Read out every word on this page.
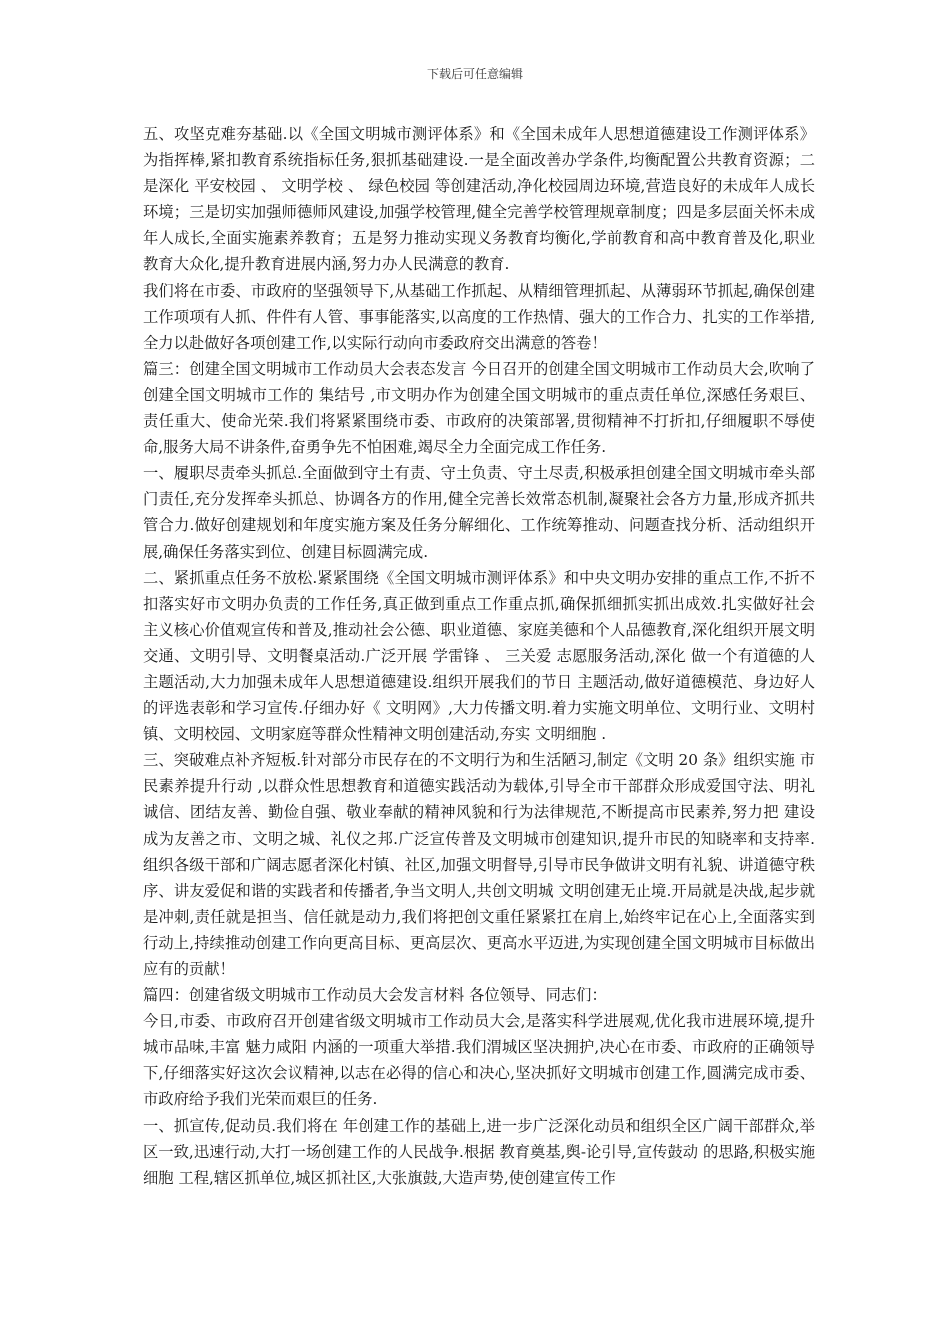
下载后可任意编辑

五、攻坚克难夯基础.以《全国文明城市测评体系》和《全国未成年人思想道德建设工作测评体系》为指挥棒,紧扣教育系统指标任务,狠抓基础建设.一是全面改善办学条件,均衡配置公共教育资源；二是深化 平安校园 、 文明学校 、 绿色校园 等创建活动,净化校园周边环境,营造良好的未成年人成长环境；三是切实加强师德师风建设,加强学校管理,健全完善学校管理规章制度；四是多层面关怀未成年人成长,全面实施素养教育；五是努力推动实现义务教育均衡化,学前教育和高中教育普及化,职业教育大众化,提升教育进展内涵,努力办人民满意的教育.

我们将在市委、市政府的坚强领导下,从基础工作抓起、从精细管理抓起、从薄弱环节抓起,确保创建工作项项有人抓、件件有人管、事事能落实,以高度的工作热情、强大的工作合力、扎实的工作举措,全力以赴做好各项创建工作,以实际行动向市委政府交出满意的答卷！

篇三：创建全国文明城市工作动员大会表态发言 今日召开的创建全国文明城市工作动员大会,吹响了创建全国文明城市工作的 集结号 ,市文明办作为创建全国文明城市的重点责任单位,深感任务艰巨、责任重大、使命光荣.我们将紧紧围绕市委、市政府的决策部署,贯彻精神不打折扣,仔细履职不辱使命,服务大局不讲条件,奋勇争先不怕困难,竭尽全力全面完成工作任务.

一、履职尽责牵头抓总.全面做到守土有责、守土负责、守土尽责,积极承担创建全国文明城市牵头部门责任,充分发挥牵头抓总、协调各方的作用,健全完善长效常态机制,凝聚社会各方力量,形成齐抓共管合力.做好创建规划和年度实施方案及任务分解细化、工作统筹推动、问题查找分析、活动组织开展,确保任务落实到位、创建目标圆满完成.

二、紧抓重点任务不放松.紧紧围绕《全国文明城市测评体系》和中央文明办安排的重点工作,不折不扣落实好市文明办负责的工作任务,真正做到重点工作重点抓,确保抓细抓实抓出成效.扎实做好社会主义核心价值观宣传和普及,推动社会公德、职业道德、家庭美德和个人品德教育,深化组织开展文明交通、文明引导、文明餐桌活动.广泛开展 学雷锋 、 三关爱 志愿服务活动,深化 做一个有道德的人 主题活动,大力加强未成年人思想道德建设.组织开展我们的节日 主题活动,做好道德模范、身边好人的评选表彰和学习宣传.仔细办好《 文明网》,大力传播文明.着力实施文明单位、文明行业、文明村镇、文明校园、文明家庭等群众性精神文明创建活动,夯实 文明细胞 .

三、突破难点补齐短板.针对部分市民存在的不文明行为和生活陋习,制定《文明 20 条》组织实施 市民素养提升行动 ,以群众性思想教育和道德实践活动为载体,引导全市干部群众形成爱国守法、明礼诚信、团结友善、勤俭自强、敬业奉献的精神风貌和行为法律规范,不断提高市民素养,努力把 建设成为友善之市、文明之城、礼仪之邦.广泛宣传普及文明城市创建知识,提升市民的知晓率和支持率.组织各级干部和广阔志愿者深化村镇、社区,加强文明督导,引导市民争做讲文明有礼貌、讲道德守秩序、讲友爱促和谐的实践者和传播者,争当文明人,共创文明城 文明创建无止境.开局就是决战,起步就是冲刺,责任就是担当、信任就是动力,我们将把创文重任紧紧扛在肩上,始终牢记在心上,全面落实到行动上,持续推动创建工作向更高目标、更高层次、更高水平迈进,为实现创建全国文明城市目标做出应有的贡献！

篇四：创建省级文明城市工作动员大会发言材料 各位领导、同志们：

今日,市委、市政府召开创建省级文明城市工作动员大会,是落实科学进展观,优化我市进展环境,提升城市品味,丰富 魅力咸阳 内涵的一项重大举措.我们渭城区坚决拥护,决心在市委、市政府的正确领导下,仔细落实好这次会议精神,以志在必得的信心和决心,坚决抓好文明城市创建工作,圆满完成市委、市政府给予我们光荣而艰巨的任务.

一、抓宣传,促动员.我们将在 年创建工作的基础上,进一步广泛深化动员和组织全区广阔干部群众,举区一致,迅速行动,大打一场创建工作的人民战争.根据 教育奠基,舆-论引导,宣传鼓动 的思路,积极实施 细胞 工程,辖区抓单位,城区抓社区,大张旗鼓,大造声势,使创建宣传工作
